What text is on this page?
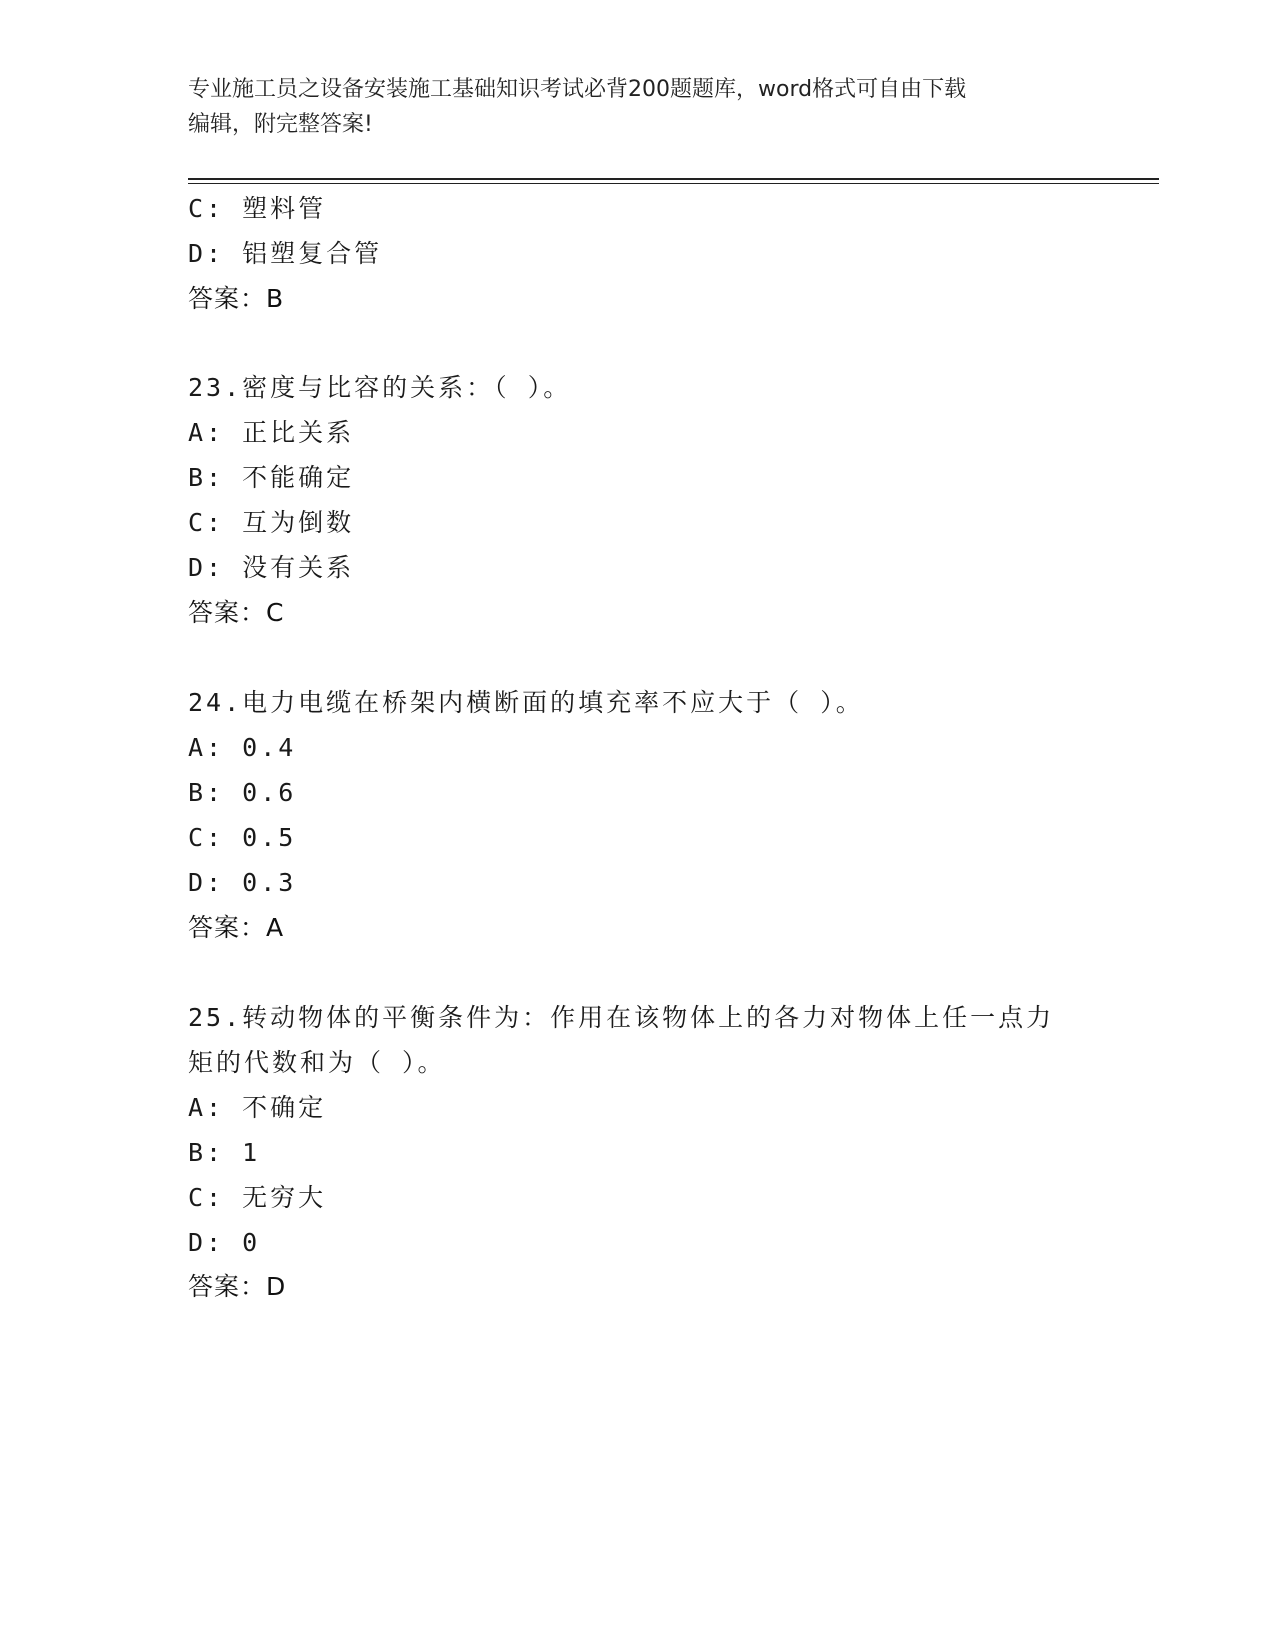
专业施工员之设备安装施工基础知识考试必背200题题库，word格式可自由下载
编辑，附完整答案!
C: 塑料管
D: 铝塑复合管
答案：B
23.密度与比容的关系：（ ）。
A: 正比关系
B: 不能确定
C: 互为倒数
D: 没有关系
答案：C
24.电力电缆在桥架内横断面的填充率不应大于（ ）。
A: 0.4
B: 0.6
C: 0.5
D: 0.3
答案：A
25.转动物体的平衡条件为：作用在该物体上的各力对物体上任一点力
矩的代数和为（ ）。
A: 不确定
B: 1
C: 无穷大
D: 0
答案：D
